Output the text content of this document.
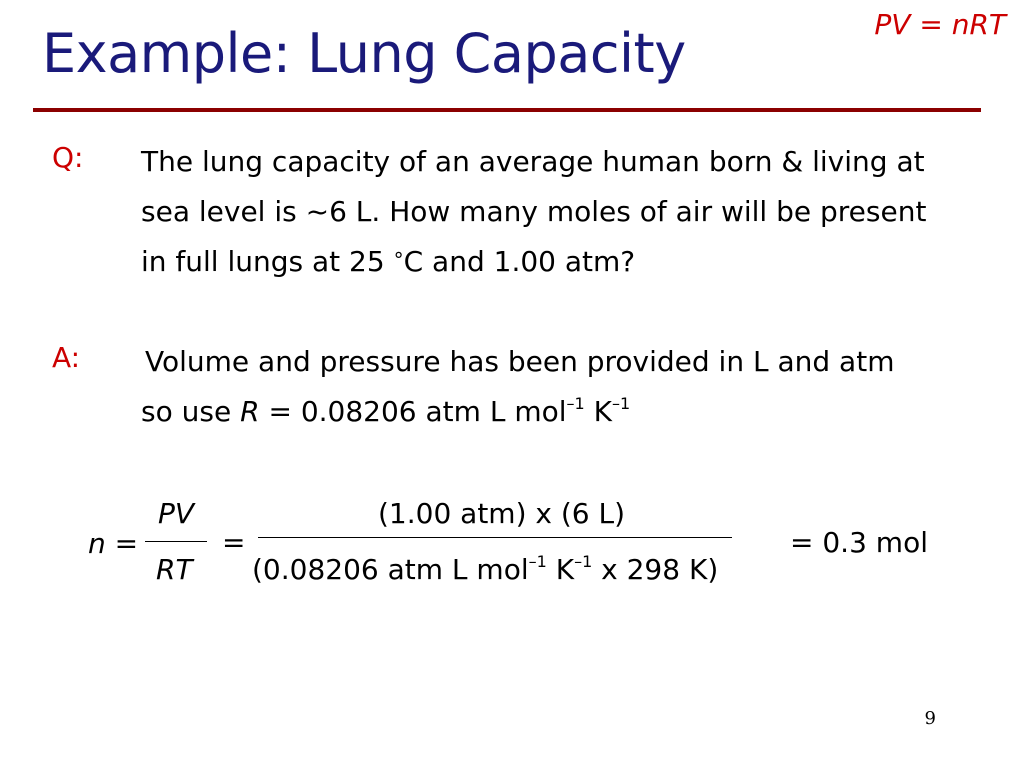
Example: Lung Capacity	PV = nRT
Q: The lung capacity of an average human born & living at
sea level is ~6 L. How many moles of air will be present
in full lungs at 25 °C and 1.00 atm?
A: Volume and pressure has been provided in L and atm
so use R = 0.08206 atm L mol$^{-1}$ $K^{-1}$
n =
PV
RT
=
(1.00 atm) x (6 L)
(0.08206 atm L mol$^{-1}$ $K^{-1}$ x 298 K)
= 0.3 mol
9
